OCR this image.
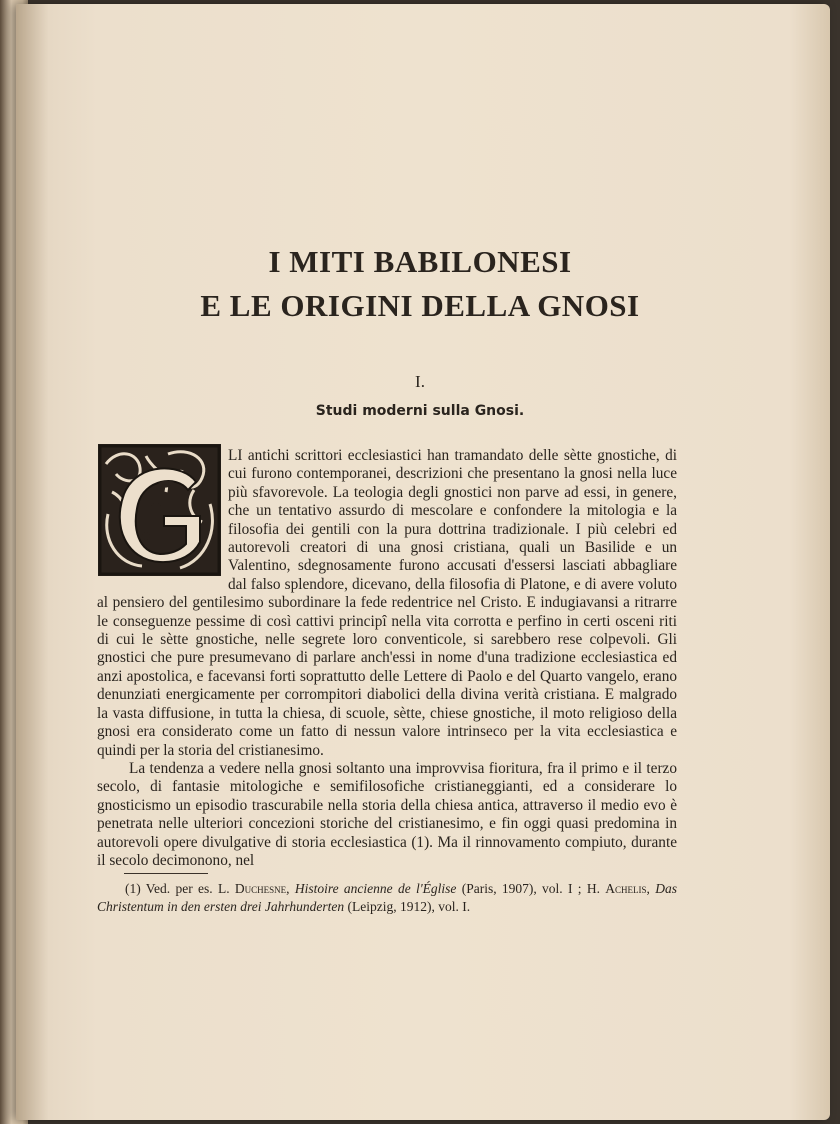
I MITI BABILONESI
E LE ORIGINI DELLA GNOSI
I.
Studi moderni sulla Gnosi.

LI antichi scrittori ecclesiastici han tramandato delle sètte gnostiche, di cui furono contemporanei, descrizioni che presentano la gnosi nella luce più sfavorevole. La teologia degli gnostici non parve ad essi, in genere, che un tentativo assurdo di mescolare e confondere la mitologia e la filosofia dei gentili con la pura dottrina tradizionale. I più celebri ed autorevoli creatori di una gnosi cristiana, quali un Basilide e un Valentino, sdegnosamente furono accusati d'essersi lasciati abbagliare dal falso splendore, dicevano, della filosofia di Platone, e di avere voluto al pensiero del gentilesimo subordinare la fede redentrice nel Cristo. E indugiavansi a ritrarre le conseguenze pessime di così cattivi principî nella vita corrotta e perfino in certi osceni riti di cui le sètte gnostiche, nelle segrete loro conventicole, si sarebbero rese colpevoli. Gli gnostici che pure presumevano di parlare anch'essi in nome d'una tradizione ecclesiastica ed anzi apostolica, e facevansi forti soprattutto delle Lettere di Paolo e del Quarto vangelo, erano denunziati energicamente per corrompitori diabolici della divina verità cristiana. E malgrado la vasta diffusione, in tutta la chiesa, di scuole, sètte, chiese gnostiche, il moto religioso della gnosi era considerato come un fatto di nessun valore intrinseco per la vita ecclesiastica e quindi per la storia del cristianesimo.

La tendenza a vedere nella gnosi soltanto una improvvisa fioritura, fra il primo e il terzo secolo, di fantasie mitologiche e semifilosofiche cristianeggianti, ed a considerare lo gnosticismo un episodio trascurabile nella storia della chiesa antica, attraverso il medio evo è penetrata nelle ulteriori concezioni storiche del cristianesimo, e fin oggi quasi predomina in autorevoli opere divulgative di storia ecclesiastica (1). Ma il rinnovamento compiuto, durante il secolo decimonono, nel

(1) Ved. per es. L. Duchesne, Histoire ancienne de l'Église (Paris, 1907), vol. I ; H. Achelis, Das Christentum in den ersten drei Jahrhunderten (Leipzig, 1912), vol. I.
